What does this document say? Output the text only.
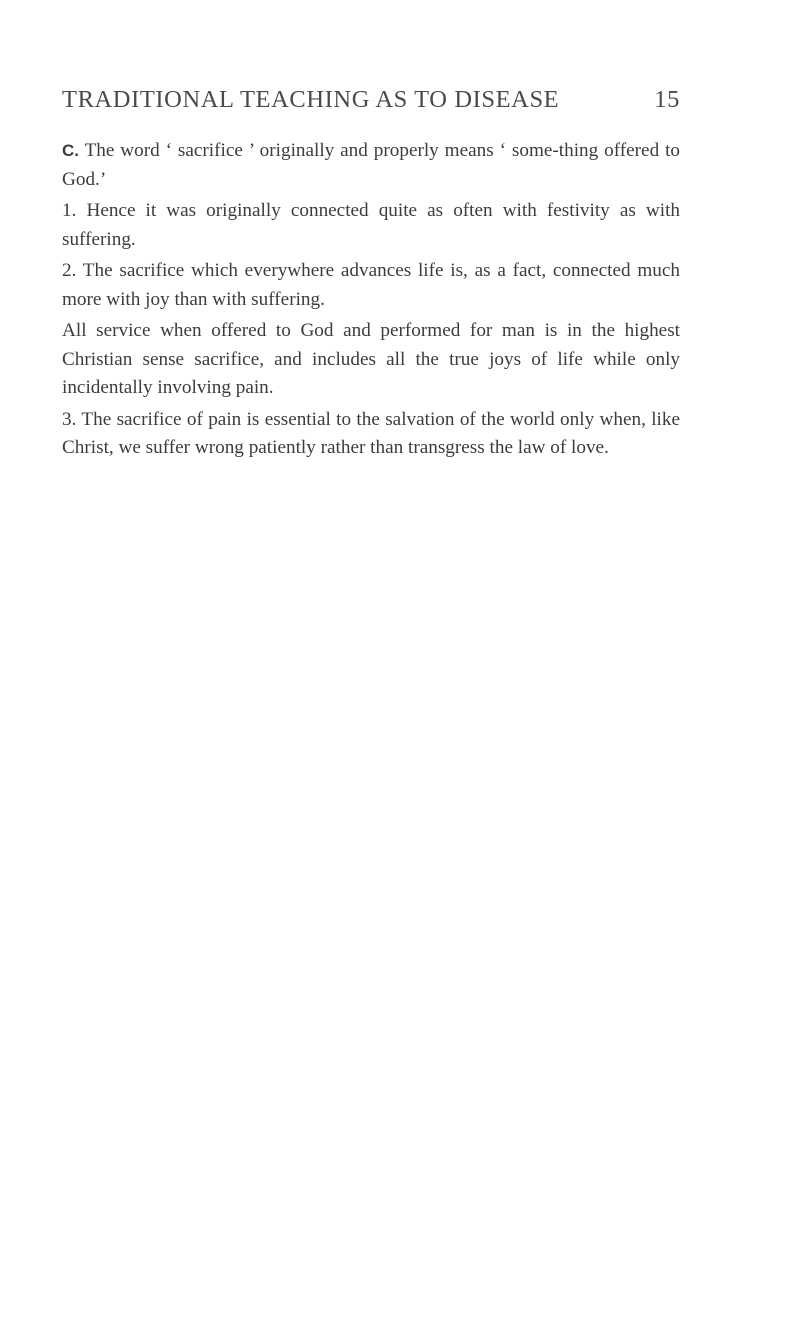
TRADITIONAL TEACHING AS TO DISEASE	15

C. The word ‘ sacrifice ’ originally and properly means ‘ some-thing offered to God.’

1. Hence it was originally connected quite as often with festivity as with suffering.

2. The sacrifice which everywhere advances life is, as a fact, connected much more with joy than with suffering.

All service when offered to God and performed for man is in the highest Christian sense sacrifice, and includes all the true joys of life while only incidentally involving pain.

3. The sacrifice of pain is essential to the salvation of the world only when, like Christ, we suffer wrong patiently rather than transgress the law of love.
